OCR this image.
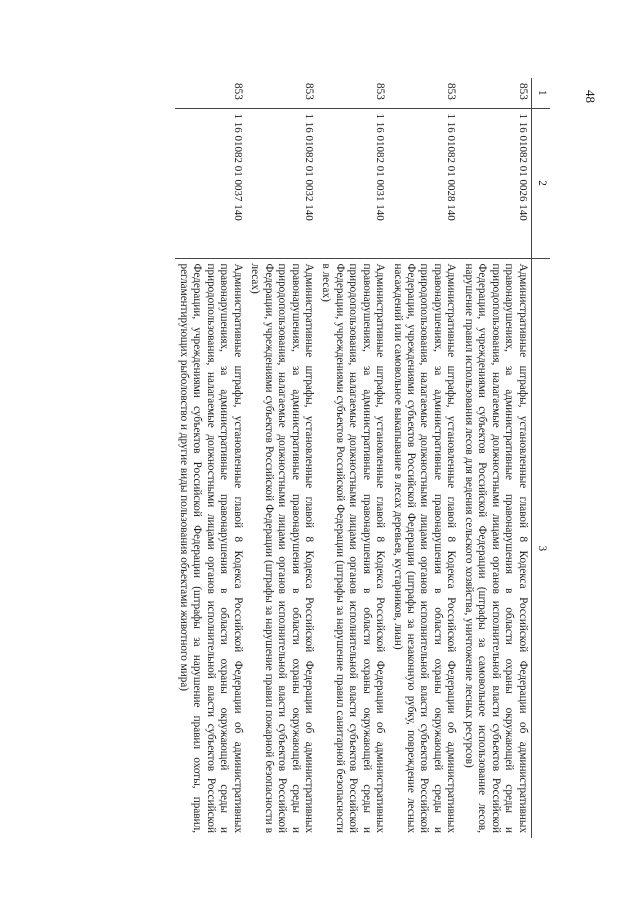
48
1	2	3
853	1 16 01082 01 0026 140	Административные штрафы, установленные главой 8 Кодекса Российской Федерации об административных правонарушениях, за административные правонарушения в области охраны окружающей среды и природопользования, налагаемые должностными лицами органов исполнительной власти субъектов Российской Федерации, учреждениями субъектов Российской Федерации (штрафы за самовольное использование лесов, нарушение правил использования лесов для ведения сельского хозяйства, уничтожение лесных ресурсов)
853	1 16 01082 01 0028 140	Административные штрафы, установленные главой 8 Кодекса Российской Федерации об административных правонарушениях, за административные правонарушения в области охраны окружающей среды и природопользования, налагаемые должностными лицами органов исполнительной власти субъектов Российской Федерации, учреждениями субъектов Российской Федерации (штрафы за незаконную рубку, повреждение лесных насаждений или самовольное выкапывание в лесах деревьев, кустарников, лиан)
853	1 16 01082 01 0031 140	Административные штрафы, установленные главой 8 Кодекса Российской Федерации об административных правонарушениях, за административные правонарушения в области охраны окружающей среды и природопользования, налагаемые должностными лицами органов исполнительной власти субъектов Российской Федерации, учреждениями субъектов Российской Федерации (штрафы за нарушение правил санитарной безопасности в лесах)
853	1 16 01082 01 0032 140	Административные штрафы, установленные главой 8 Кодекса Российской Федерации об административных правонарушениях, за административные правонарушения в области охраны окружающей среды и природопользования, налагаемые должностными лицами органов исполнительной власти субъектов Российской Федерации, учреждениями субъектов Российской Федерации (штрафы за нарушение правил пожарной безопасности в лесах)
853	1 16 01082 01 0037 140	Административные штрафы, установленные главой 8 Кодекса Российской Федерации об административных правонарушениях, за административные правонарушения в области охраны окружающей среды и природопользования, налагаемые должностными лицами органов исполнительной власти субъектов Российской Федерации, учреждениями субъектов Российской Федерации (штрафы за нарушение правил охоты, правил, регламентирующих рыболовство и другие виды пользования объектами животного мира)
